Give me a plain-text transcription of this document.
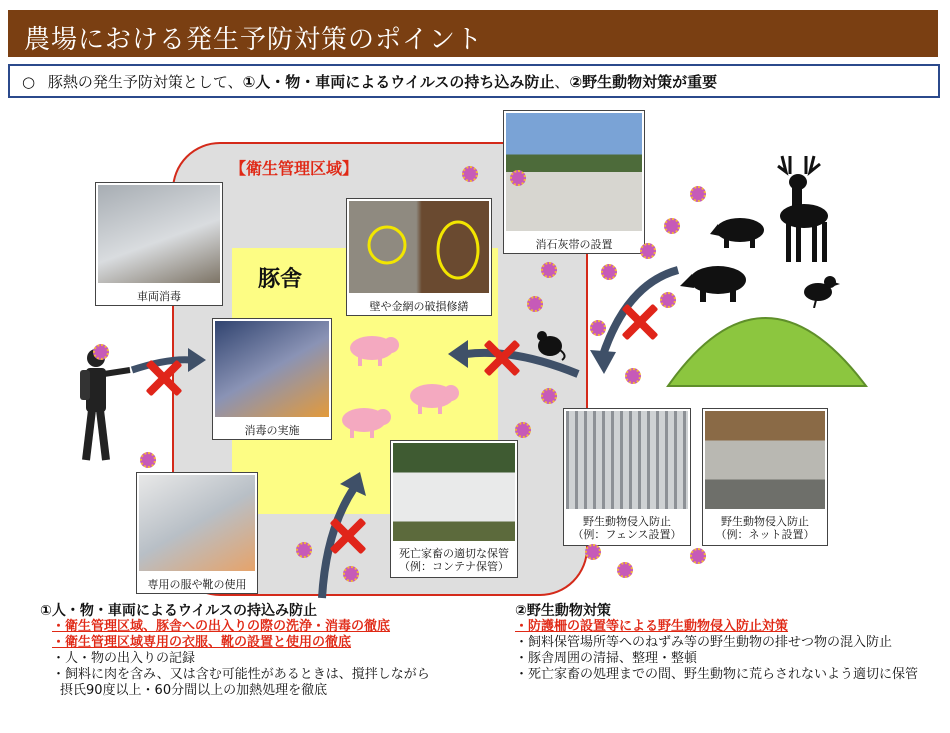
農場における発生予防対策のポイント
○ 豚熱の発生予防対策として、①人・物・車両によるウイルスの持ち込み防止、②野生動物対策が重要
【衛生管理区域】
豚舎
車両消毒
消毒の実施
専用の服や靴の使用
壁や金網の破損修繕
消石灰帯の設置
死亡家畜の適切な保管
（例：コンテナ保管）
野生動物侵入防止
（例：フェンス設置）
野生動物侵入防止
（例：ネット設置）
①人・物・車両によるウイルスの持込み防止
・衛生管理区域、豚舎への出入りの際の洗浄・消毒の徹底
・衛生管理区域専用の衣服、靴の設置と使用の徹底
・人・物の出入りの記録
・飼料に肉を含み、又は含む可能性があるときは、撹拌しながら
摂氏90度以上・60分間以上の加熱処理を徹底
②野生動物対策
・防護柵の設置等による野生動物侵入防止対策
・飼料保管場所等へのねずみ等の野生動物の排せつ物の混入防止
・豚舎周囲の清掃、整理・整頓
・死亡家畜の処理までの間、野生動物に荒らされないよう適切に保管
